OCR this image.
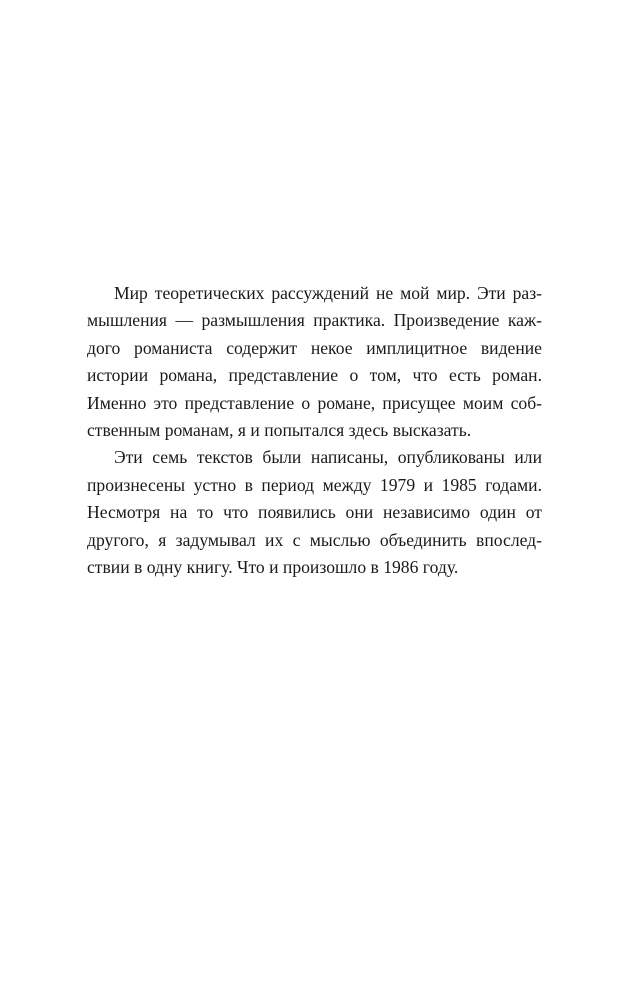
Мир теоретических рассуждений не мой мир. Эти раз-
мышления — размышления практика. Произведение каж-
дого романиста содержит некое имплицитное видение
истории романа, представление о том, что есть роман.
Именно это представление о романе, присущее моим соб-
ственным романам, я и попытался здесь высказать.
Эти семь текстов были написаны, опубликованы или
произнесены устно в период между 1979 и 1985 годами.
Несмотря на то что появились они независимо один от
другого, я задумывал их с мыслью объединить впослед-
ствии в одну книгу. Что и произошло в 1986 году.
